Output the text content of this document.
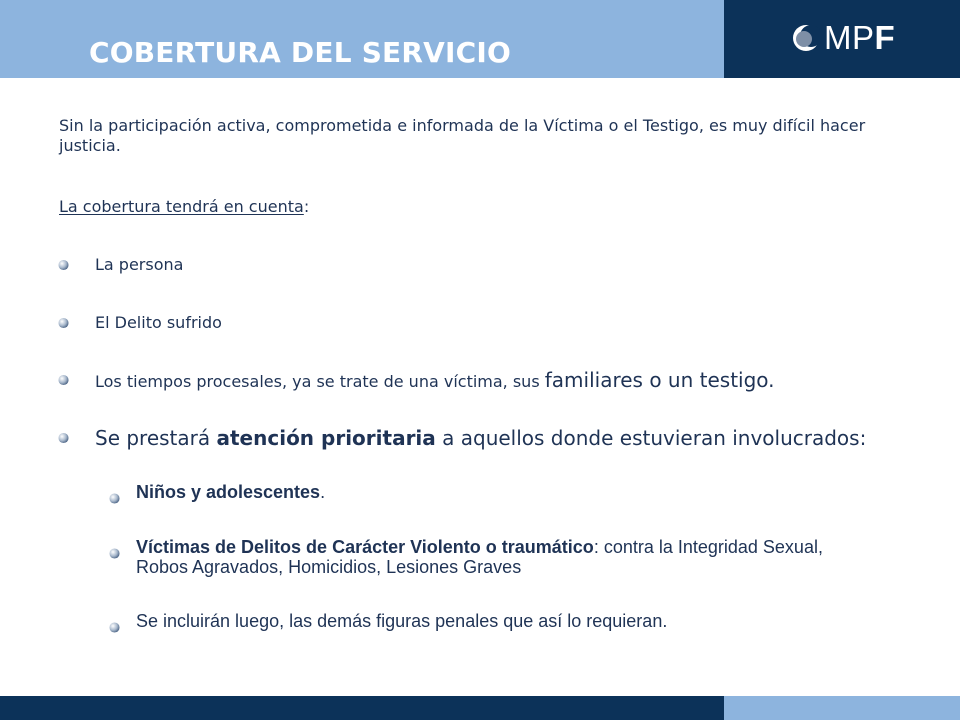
COBERTURA DEL SERVICIO	MPF

Sin la participación activa, comprometida e informada de la Víctima o el Testigo, es muy difícil hacer justicia.

La cobertura tendrá en cuenta:

La persona

El Delito sufrido

Los tiempos procesales, ya se trate de una víctima, sus familiares o un testigo.

Se prestará atención prioritaria a aquellos donde estuvieran involucrados:

Niños y adolescentes.

Víctimas de Delitos de Carácter Violento o traumático: contra la Integridad Sexual, Robos Agravados, Homicidios, Lesiones Graves

Se incluirán luego, las demás figuras penales que así lo requieran.
